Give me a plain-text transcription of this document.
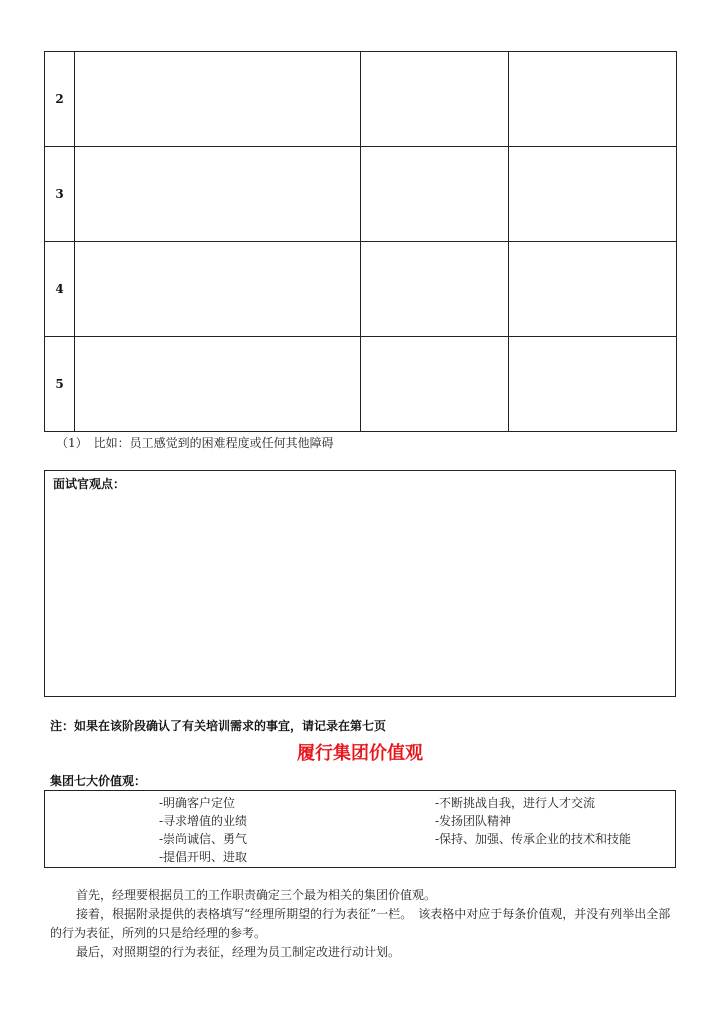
2			
3			
4			
5			
（1）　比如：员工感觉到的困难程度或任何其他障碍
面试官观点：
注：如果在该阶段确认了有关培训需求的事宜，请记录在第七页
履行集团价值观
集团七大价值观：
-明确客户定位
-寻求增值的业绩
-崇尚诚信、勇气
-提倡开明、进取
-不断挑战自我，进行人才交流
-发扬团队精神
-保持、加强、传承企业的技术和技能

首先，经理要根据员工的工作职责确定三个最为相关的集团价值观。

接着，根据附录提供的表格填写“经理所期望的行为表征”一栏。　该表格中对应于每条价值观，并没有列举出全部的行为表征，所列的只是给经理的参考。

最后，对照期望的行为表征，经理为员工制定改进行动计划。
